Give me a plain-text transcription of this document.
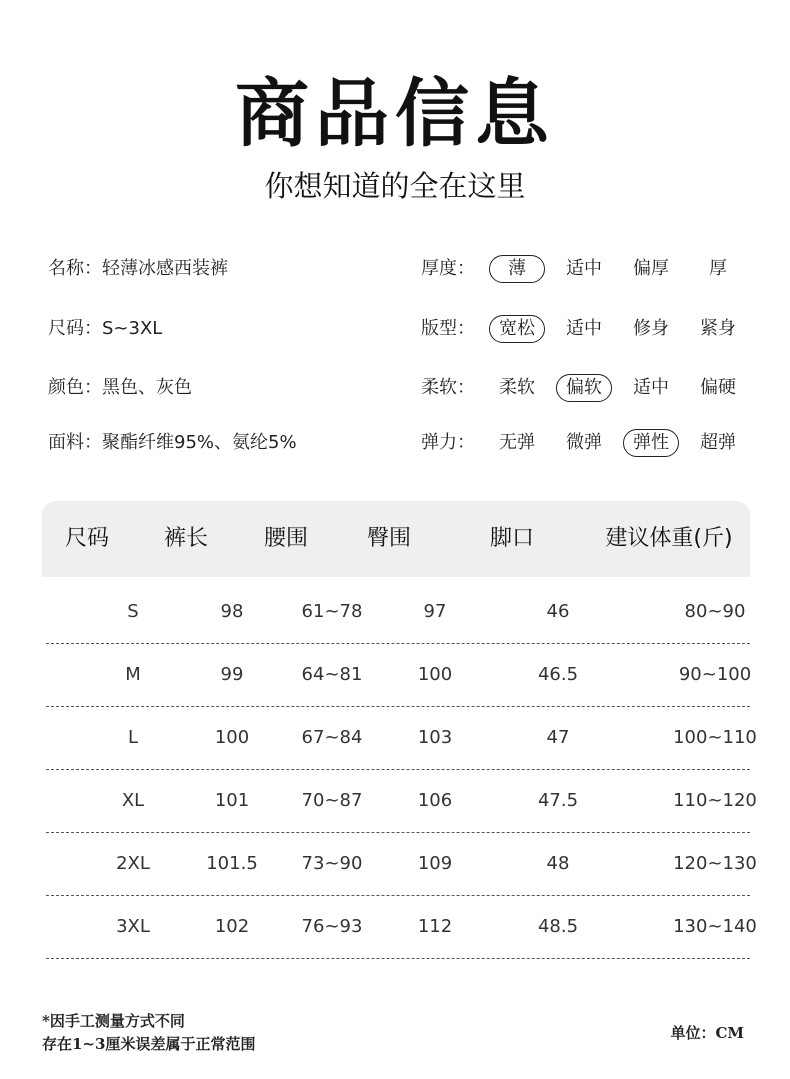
商品信息
你想知道的全在这里
名称：轻薄冰感西装裤
尺码：S~3XL
颜色：黑色、灰色
面料：聚酯纤维95%、氨纶5%
厚度： 薄 适中 偏厚 厚
版型： 宽松 适中 修身 紧身
柔软： 柔软 偏软 适中 偏硬
弹力： 无弹 微弹 弹性 超弹
尺码	裤长	腰围	臀围	脚口	建议体重(斤)
S	98	61~78	97	46	80~90
M	99	64~81	100	46.5	90~100
L	100	67~84	103	47	100~110
XL	101	70~87	106	47.5	110~120
2XL	101.5	73~90	109	48	120~130
3XL	102	76~93	112	48.5	130~140
*因手工测量方式不同
存在1~3厘米误差属于正常范围
单位：CM
